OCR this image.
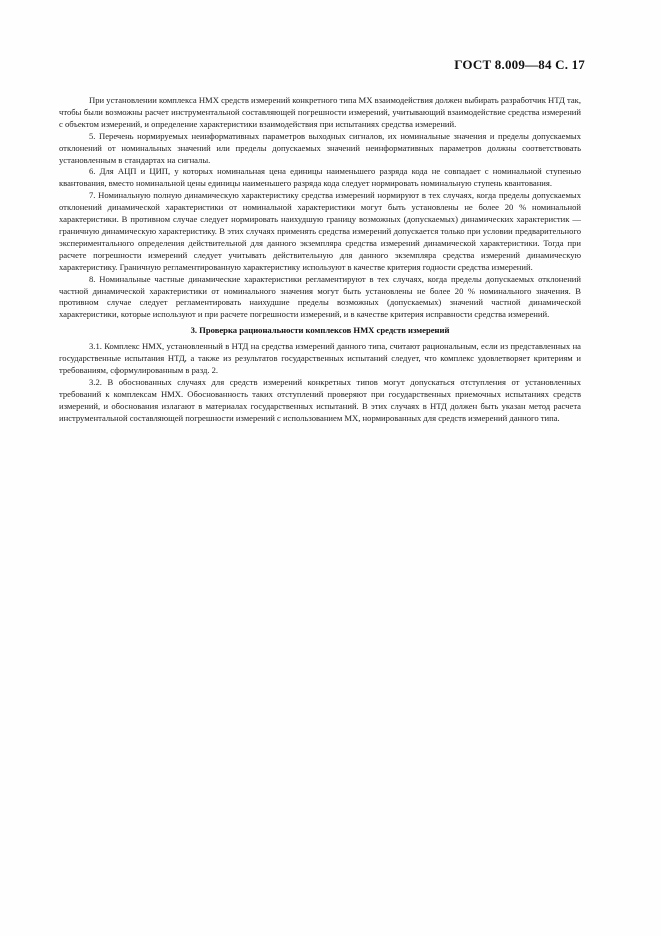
ГОСТ 8.009—84 С. 17

При установлении комплекса НМХ средств измерений конкретного типа МХ взаимодействия должен выбирать разработчик НТД так, чтобы были возможны расчет инструментальной составляющей погрешности измерений, учитывающий взаимодействие средства измерений с объектом измерений, и определение характеристики взаимодействия при испытаниях средства измерений.

5. Перечень нормируемых неинформативных параметров выходных сигналов, их номинальные значения и пределы допускаемых отклонений от номинальных значений или пределы допускаемых значений неинформативных параметров должны соответствовать установленным в стандартах на сигналы.

6. Для АЦП и ЦИП, у которых номинальная цена единицы наименьшего разряда кода не совпадает с номинальной ступенью квантования, вместо номинальной цены единицы наименьшего разряда кода следует нормировать номинальную ступень квантования.

7. Номинальную полную динамическую характеристику средства измерений нормируют в тех случаях, когда пределы допускаемых отклонений динамической характеристики от номинальной характеристики могут быть установлены не более 20 % номинальной характеристики. В противном случае следует нормировать наихудшую границу возможных (допускаемых) динамических характеристик — граничную динамическую характеристику. В этих случаях применять средства измерений допускается только при условии предварительного экспериментального определения действительной для данного экземпляра средства измерений динамической характеристики. Тогда при расчете погрешности измерений следует учитывать действительную для данного экземпляра средства измерений динамическую характеристику. Граничную регламентированную характеристику используют в качестве критерия годности средства измерений.

8. Номинальные частные динамические характеристики регламентируют в тех случаях, когда пределы допускаемых отклонений частной динамической характеристики от номинального значения могут быть установлены не более 20 % номинального значения. В противном случае следует регламентировать наихудшие пределы возможных (допускаемых) значений частной динамической характеристики, которые используют и при расчете погрешности измерений, и в качестве критерия исправности средства измерений.

3. Проверка рациональности комплексов НМХ средств измерений

3.1. Комплекс НМХ, установленный в НТД на средства измерений данного типа, считают рациональным, если из представленных на государственные испытания НТД, а также из результатов государственных испытаний следует, что комплекс удовлетворяет критериям и требованиям, сформулированным в разд. 2.

3.2. В обоснованных случаях для средств измерений конкретных типов могут допускаться отступления от установленных требований к комплексам НМХ. Обоснованность таких отступлений проверяют при государственных приемочных испытаниях средств измерений, и обоснования излагают в материалах государственных испытаний. В этих случаях в НТД должен быть указан метод расчета инструментальной составляющей погрешности измерений с использованием МХ, нормированных для средств измерений данного типа.
